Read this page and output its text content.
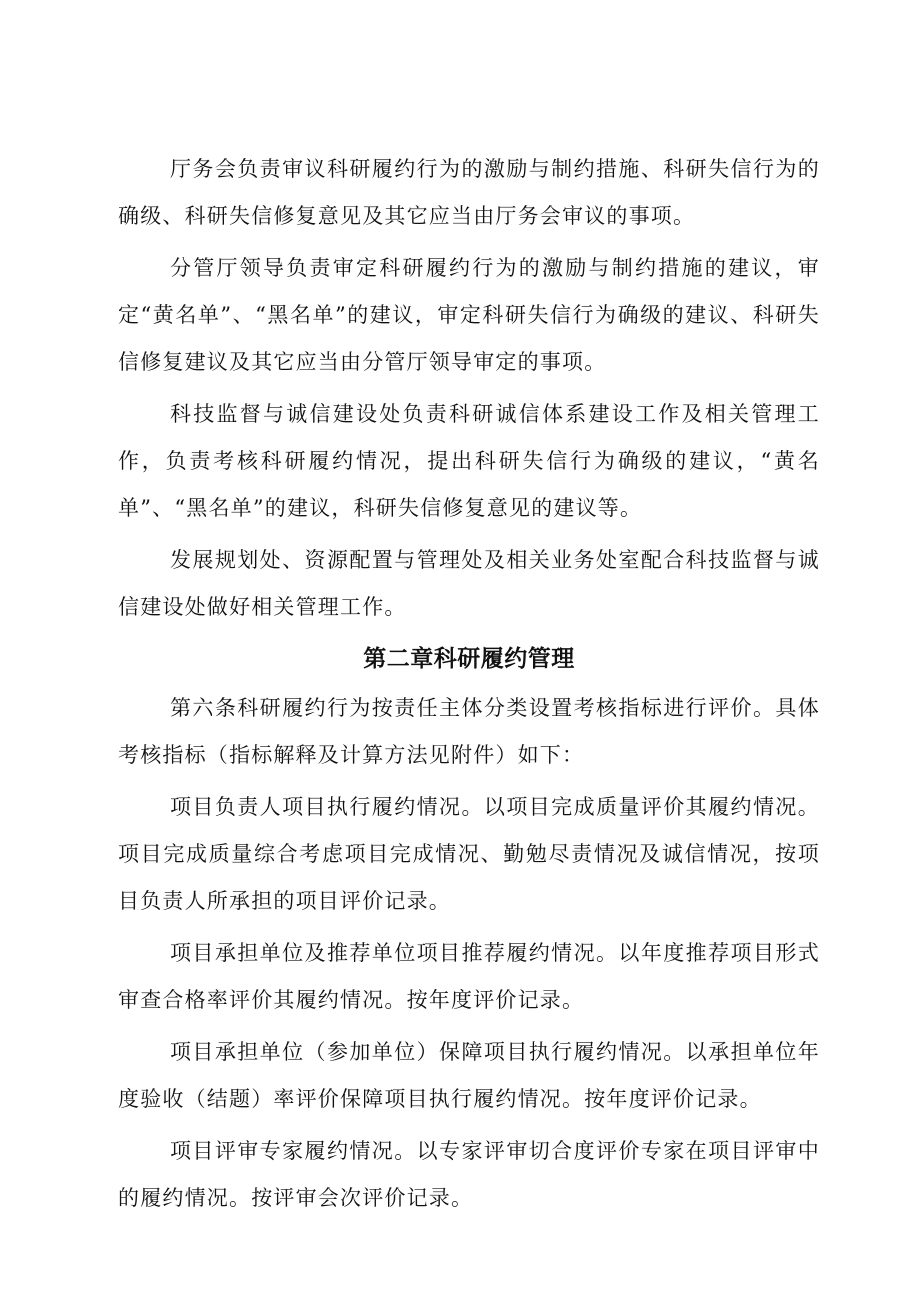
厅务会负责审议科研履约行为的激励与制约措施、科研失信行为的确级、科研失信修复意见及其它应当由厅务会审议的事项。

分管厅领导负责审定科研履约行为的激励与制约措施的建议，审定“黄名单”、“黑名单”的建议，审定科研失信行为确级的建议、科研失信修复建议及其它应当由分管厅领导审定的事项。

科技监督与诚信建设处负责科研诚信体系建设工作及相关管理工作，负责考核科研履约情况，提出科研失信行为确级的建议，“黄名单”、“黑名单”的建议，科研失信修复意见的建议等。

发展规划处、资源配置与管理处及相关业务处室配合科技监督与诚信建设处做好相关管理工作。

第二章科研履约管理

第六条科研履约行为按责任主体分类设置考核指标进行评价。具体考核指标（指标解释及计算方法见附件）如下：

项目负责人项目执行履约情况。以项目完成质量评价其履约情况。项目完成质量综合考虑项目完成情况、勤勉尽责情况及诚信情况，按项目负责人所承担的项目评价记录。

项目承担单位及推荐单位项目推荐履约情况。以年度推荐项目形式审查合格率评价其履约情况。按年度评价记录。

项目承担单位（参加单位）保障项目执行履约情况。以承担单位年度验收（结题）率评价保障项目执行履约情况。按年度评价记录。

项目评审专家履约情况。以专家评审切合度评价专家在项目评审中的履约情况。按评审会次评价记录。
